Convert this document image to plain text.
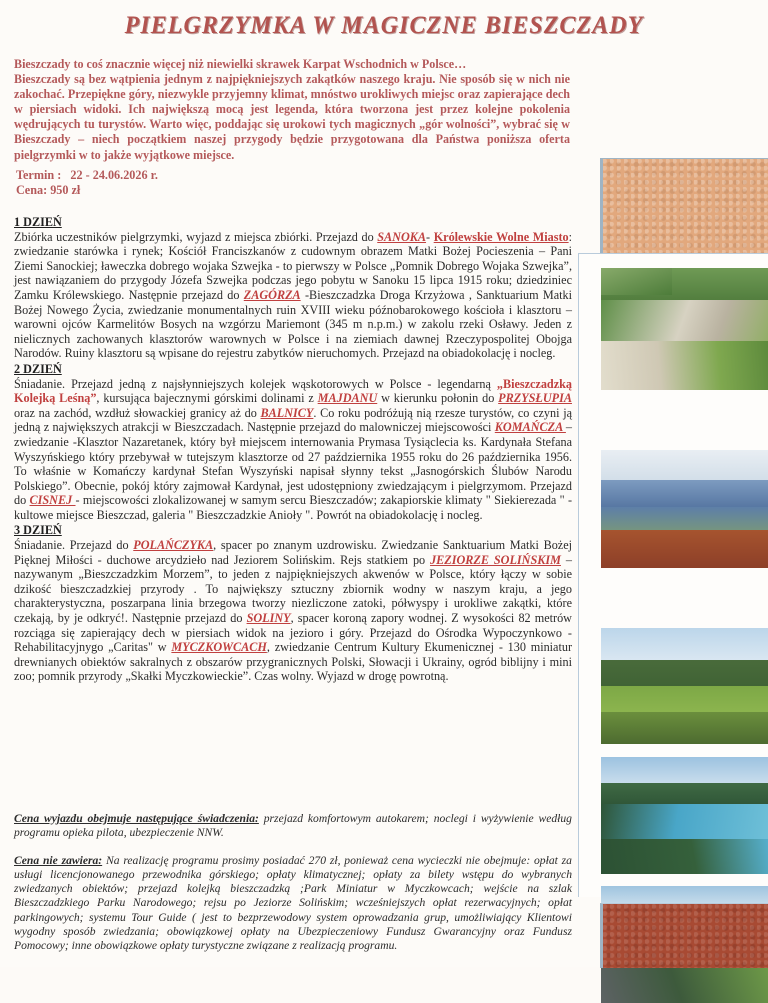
PIELGRZYMKA W MAGICZNE BIESZCZADY
Bieszczady to coś znacznie więcej niż niewielki skrawek Karpat Wschodnich w Polsce…
Bieszczady są bez wątpienia jednym z najpiękniejszych zakątków naszego kraju. Nie sposób się w nich nie zakochać. Przepiękne góry, niezwykle przyjemny klimat, mnóstwo urokliwych miejsc oraz zapierające dech w piersiach widoki. Ich największą mocą jest legenda, która tworzona jest przez kolejne pokolenia wędrujących tu turystów. Warto więc, poddając się urokowi tych magicznych „gór wolności”, wybrać się w Bieszczady – niech początkiem naszej przygody będzie przygotowana dla Państwa poniższa oferta pielgrzymki w to jakże wyjątkowe miejsce.
Termin :   22 - 24.06.2026 r.
Cena: 950 zł
1 DZIEŃ
Zbiórka uczestników pielgrzymki, wyjazd z miejsca zbiórki. Przejazd do SANOKA- Królewskie Wolne Miasto: zwiedzanie starówka i rynek; Kościół Franciszkanów z cudownym obrazem Matki Bożej Pocieszenia – Pani Ziemi Sanockiej; ławeczka dobrego wojaka Szwejka - to pierwszy w Polsce „Pomnik Dobrego Wojaka Szwejka”, jest nawiązaniem do przygody Józefa Szwejka podczas jego pobytu w Sanoku 15 lipca 1915 roku; dziedziniec Zamku Królewskiego. Następnie przejazd do ZAGÓRZA -Bieszczadzka Droga Krzyżowa , Sanktuarium Matki Bożej Nowego Życia, zwiedzanie monumentalnych ruin XVIII wieku późnobarokowego kościoła i klasztoru – warowni ojców Karmelitów Bosych na wzgórzu Mariemont (345 m n.p.m.) w zakolu rzeki Osławy. Jeden z nielicznych zachowanych klasztorów warownych w Polsce i na ziemiach dawnej Rzeczypospolitej Obojga Narodów. Ruiny klasztoru są wpisane do rejestru zabytków nieruchomych. Przejazd na obiadokolację i nocleg.
2 DZIEŃ
Śniadanie. Przejazd jedną z najsłynniejszych kolejek wąskotorowych w Polsce - legendarną „Bieszczadzką Kolejką Leśną”, kursująca bajecznymi górskimi dolinami z MAJDANU w kierunku połonin do PRZYSŁUPIA oraz na zachód, wzdłuż słowackiej granicy aż do BALNICY. Co roku podróżują nią rzesze turystów, co czyni ją jedną z największych atrakcji w Bieszczadach. Następnie przejazd do malowniczej miejscowości KOMAŃCZA – zwiedzanie -Klasztor Nazaretanek, który był miejscem internowania Prymasa Tysiąclecia ks. Kardynała Stefana Wyszyńskiego który przebywał w tutejszym klasztorze od 27 października 1955 roku do 26 października 1956. To właśnie w Komańczy kardynał Stefan Wyszyński napisał słynny tekst „Jasnogórskich Ślubów Narodu Polskiego”. Obecnie, pokój który zajmował Kardynał, jest udostępniony zwiedzającym i pielgrzymom. Przejazd do CISNEJ - miejscowości zlokalizowanej w samym sercu Bieszczadów; zakapiorskie klimaty " Siekierezada " - kultowe miejsce Bieszczad, galeria " Bieszczadzkie Anioły ". Powrót na obiadokolację i nocleg.
3 DZIEŃ
Śniadanie. Przejazd do POLAŃCZYKA, spacer po znanym uzdrowisku. Zwiedzanie Sanktuarium Matki Bożej Pięknej Miłości - duchowe arcydzieło nad Jeziorem Solińskim. Rejs statkiem po JEZIORZE SOLIŃSKIM – nazywanym „Bieszczadzkim Morzem”, to jeden z najpiękniejszych akwenów w Polsce, który łączy w sobie dzikość bieszczadzkiej przyrody . To największy sztuczny zbiornik wodny w naszym kraju, a jego charakterystyczna, poszarpana linia brzegowa tworzy niezliczone zatoki, półwyspy i urokliwe zakątki, które czekają, by je odkryć!. Następnie przejazd do SOLINY, spacer koroną zapory wodnej. Z wysokości 82 metrów rozciąga się zapierający dech w piersiach widok na jezioro i góry. Przejazd do Ośrodka Wypoczynkowo - Rehabilitacyjnygo „Caritas" w MYCZKOWCACH, zwiedzanie Centrum Kultury Ekumenicznej - 130 miniatur drewnianych obiektów sakralnych z obszarów przygranicznych Polski, Słowacji i Ukrainy, ogród biblijny i mini zoo; pomnik przyrody „Skałki Myczkowieckie”. Czas wolny. Wyjazd w drogę powrotną.
Cena wyjazdu obejmuje następujące świadczenia: przejazd komfortowym autokarem; noclegi i wyżywienie według programu opieka pilota, ubezpieczenie NNW.
Cena nie zawiera: Na realizację programu prosimy posiadać 270 zł, ponieważ cena wycieczki nie obejmuje: opłat za usługi licencjonowanego przewodnika górskiego; opłaty klimatycznej; opłaty za bilety wstępu do wybranych zwiedzanych obiektów; przejazd kolejką bieszczadzką ;Park Miniatur w Myczkowcach; wejście na szlak Bieszczadzkiego Parku Narodowego; rejsu po Jeziorze Solińskim; wcześniejszych opłat rezerwacyjnych; opłat parkingowych; systemu Tour Guide ( jest to bezprzewodowy system oprowadzania grup, umożliwiający Klientowi wygodny sposób zwiedzania; obowiązkowej opłaty na Ubezpieczeniowy Fundusz Gwarancyjny oraz Fundusz Pomocowy; inne obowiązkowe opłaty turystyczne związane z realizacją programu.
